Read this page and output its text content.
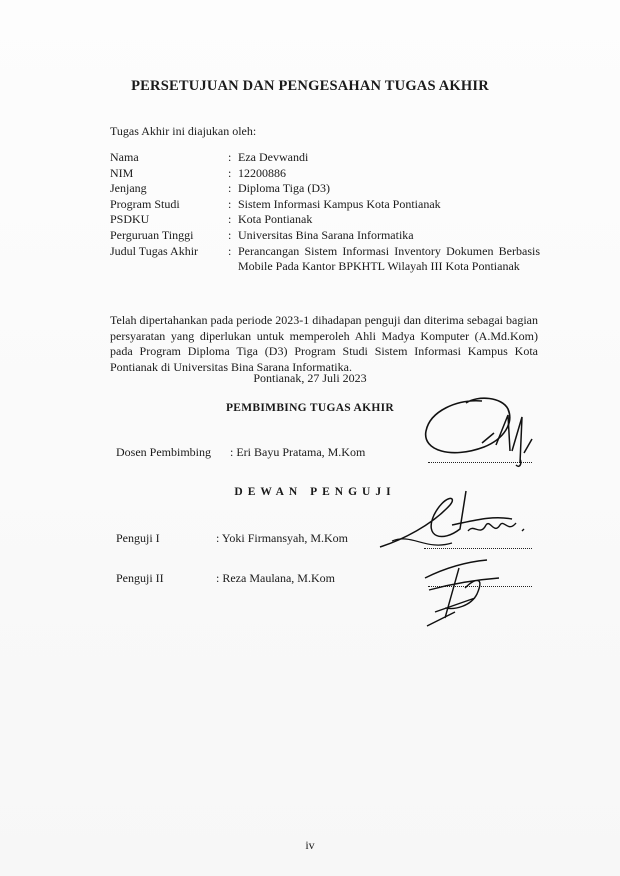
PERSETUJUAN DAN PENGESAHAN TUGAS AKHIR
Tugas Akhir ini diajukan oleh:
Nama	: Eza Devwandi
NIM	: 12200886
Jenjang	: Diploma Tiga (D3)
Program Studi	: Sistem Informasi Kampus Kota Pontianak
PSDKU	: Kota Pontianak
Perguruan Tinggi	: Universitas Bina Sarana Informatika
Judul Tugas Akhir	: Perancangan Sistem Informasi Inventory Dokumen Berbasis Mobile Pada Kantor BPKHTL Wilayah III Kota Pontianak
Telah dipertahankan pada periode 2023-1 dihadapan penguji dan diterima sebagai bagian persyaratan yang diperlukan untuk memperoleh Ahli Madya Komputer (A.Md.Kom) pada Program Diploma Tiga (D3) Program Studi Sistem Informasi Kampus Kota Pontianak di Universitas Bina Sarana Informatika.
Pontianak, 27 Juli 2023
PEMBIMBING TUGAS AKHIR
Dosen Pembimbing : Eri Bayu Pratama, M.Kom
DEWAN PENGUJI
Penguji I	: Yoki Firmansyah, M.Kom
Penguji II	: Reza Maulana, M.Kom
iv
